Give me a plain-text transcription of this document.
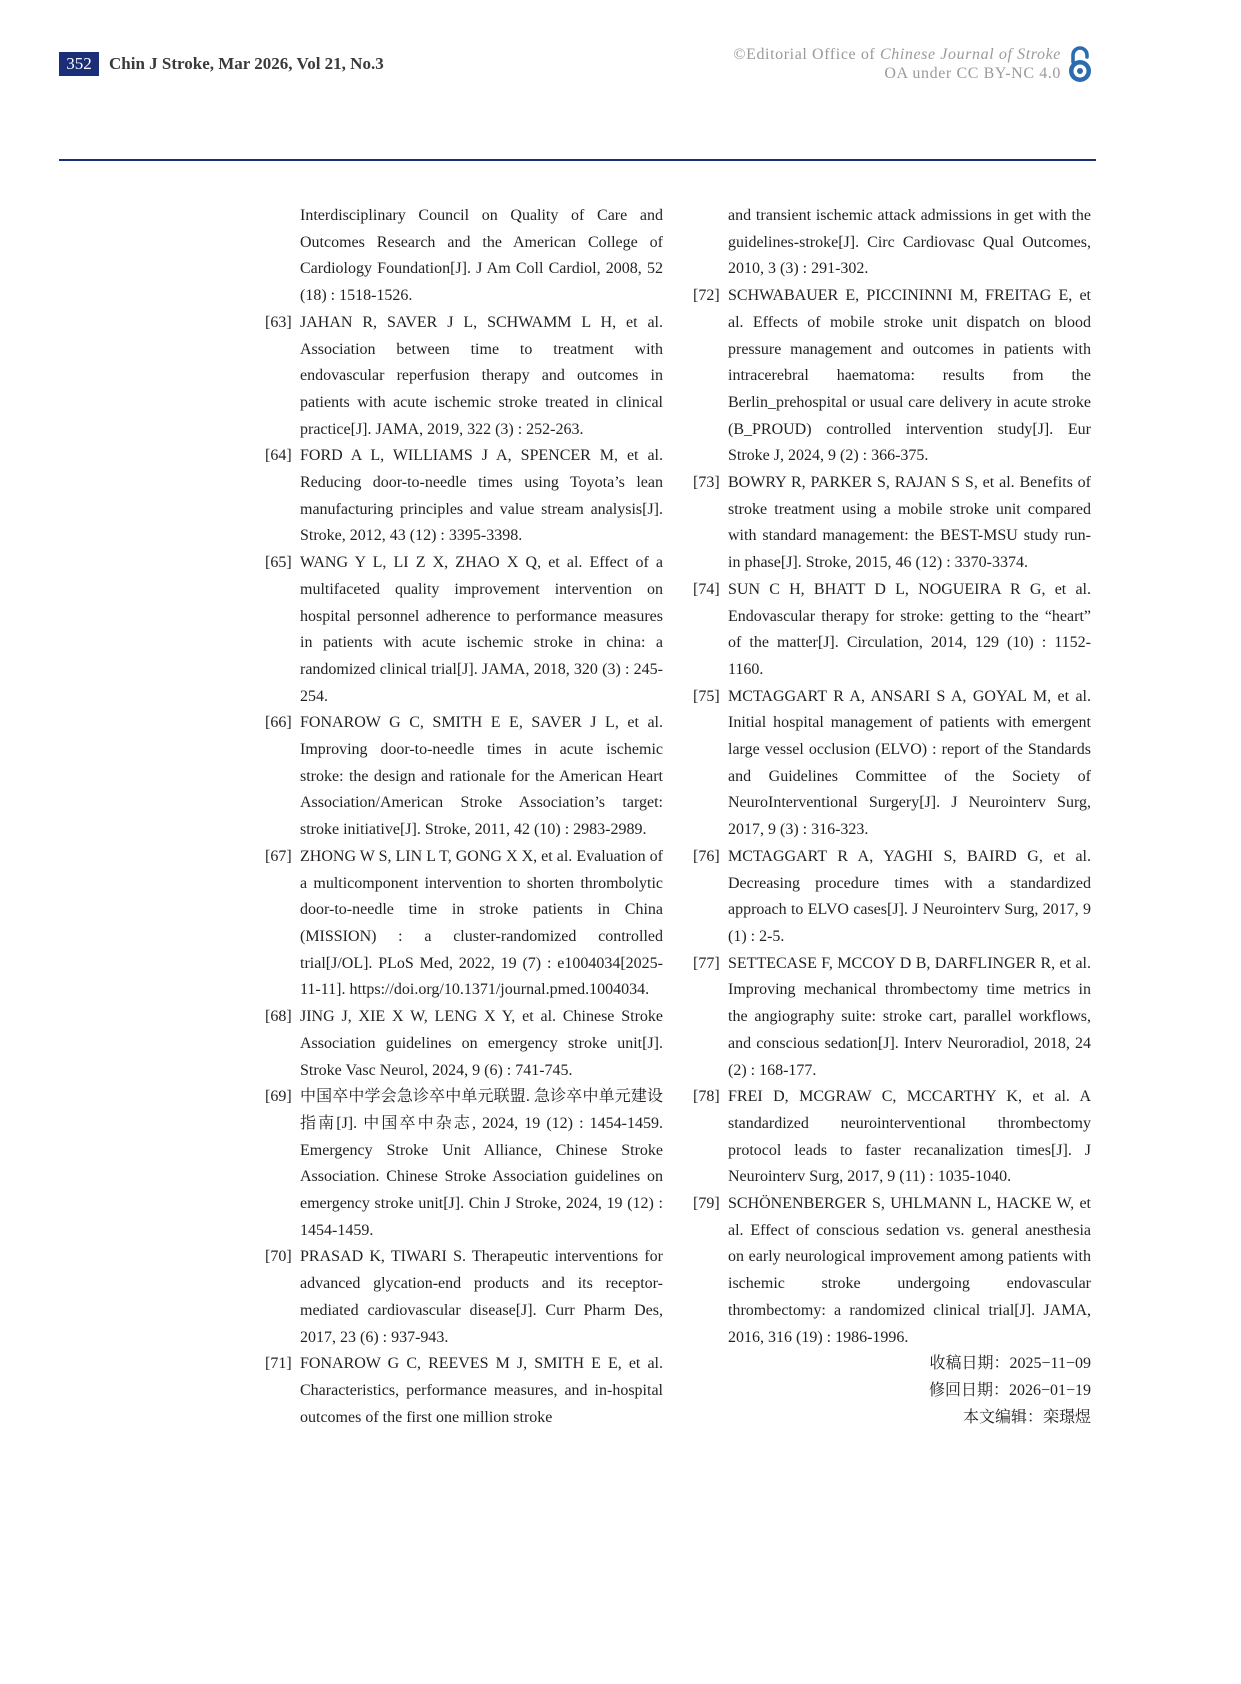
352	Chin J Stroke, Mar 2026, Vol 21, No.3	©Editorial Office of Chinese Journal of Stroke
OA under CC BY-NC 4.0

Interdisciplinary Council on Quality of Care and Outcomes Research and the American College of Cardiology Foundation[J]. J Am Coll Cardiol, 2008, 52 (18) : 1518-1526.

[63] JAHAN R, SAVER J L, SCHWAMM L H, et al. Association between time to treatment with endovascular reperfusion therapy and outcomes in patients with acute ischemic stroke treated in clinical practice[J]. JAMA, 2019, 322 (3) : 252-263.

[64] FORD A L, WILLIAMS J A, SPENCER M, et al. Reducing door-to-needle times using Toyota’s lean manufacturing principles and value stream analysis[J]. Stroke, 2012, 43 (12) : 3395-3398.

[65] WANG Y L, LI Z X, ZHAO X Q, et al. Effect of a multifaceted quality improvement intervention on hospital personnel adherence to performance measures in patients with acute ischemic stroke in china: a randomized clinical trial[J]. JAMA, 2018, 320 (3) : 245-254.

[66] FONAROW G C, SMITH E E, SAVER J L, et al. Improving door-to-needle times in acute ischemic stroke: the design and rationale for the American Heart Association/American Stroke Association’s target: stroke initiative[J]. Stroke, 2011, 42 (10) : 2983-2989.

[67] ZHONG W S, LIN L T, GONG X X, et al. Evaluation of a multicomponent intervention to shorten thrombolytic door-to-needle time in stroke patients in China (MISSION) : a cluster-randomized controlled trial[J/OL]. PLoS Med, 2022, 19 (7) : e1004034[2025-11-11]. https://doi.org/10.1371/journal.pmed.1004034.

[68] JING J, XIE X W, LENG X Y, et al. Chinese Stroke Association guidelines on emergency stroke unit[J]. Stroke Vasc Neurol, 2024, 9 (6) : 741-745.

[69] 中国卒中学会急诊卒中单元联盟. 急诊卒中单元建设指南[J]. 中国卒中杂志, 2024, 19 (12) : 1454-1459. Emergency Stroke Unit Alliance, Chinese Stroke Association. Chinese Stroke Association guidelines on emergency stroke unit[J]. Chin J Stroke, 2024, 19 (12) : 1454-1459.

[70] PRASAD K, TIWARI S. Therapeutic interventions for advanced glycation-end products and its receptor-mediated cardiovascular disease[J]. Curr Pharm Des, 2017, 23 (6) : 937-943.

[71] FONAROW G C, REEVES M J, SMITH E E, et al. Characteristics, performance measures, and in-hospital outcomes of the first one million stroke

and transient ischemic attack admissions in get with the guidelines-stroke[J]. Circ Cardiovasc Qual Outcomes, 2010, 3 (3) : 291-302.

[72] SCHWABAUER E, PICCININNI M, FREITAG E, et al. Effects of mobile stroke unit dispatch on blood pressure management and outcomes in patients with intracerebral haematoma: results from the Berlin_prehospital or usual care delivery in acute stroke (B_PROUD) controlled intervention study[J]. Eur Stroke J, 2024, 9 (2) : 366-375.

[73] BOWRY R, PARKER S, RAJAN S S, et al. Benefits of stroke treatment using a mobile stroke unit compared with standard management: the BEST-MSU study run-in phase[J]. Stroke, 2015, 46 (12) : 3370-3374.

[74] SUN C H, BHATT D L, NOGUEIRA R G, et al. Endovascular therapy for stroke: getting to the “heart” of the matter[J]. Circulation, 2014, 129 (10) : 1152-1160.

[75] MCTAGGART R A, ANSARI S A, GOYAL M, et al. Initial hospital management of patients with emergent large vessel occlusion (ELVO) : report of the Standards and Guidelines Committee of the Society of NeuroInterventional Surgery[J]. J Neurointerv Surg, 2017, 9 (3) : 316-323.

[76] MCTAGGART R A, YAGHI S, BAIRD G, et al. Decreasing procedure times with a standardized approach to ELVO cases[J]. J Neurointerv Surg, 2017, 9 (1) : 2-5.

[77] SETTECASE F, MCCOY D B, DARFLINGER R, et al. Improving mechanical thrombectomy time metrics in the angiography suite: stroke cart, parallel workflows, and conscious sedation[J]. Interv Neuroradiol, 2018, 24 (2) : 168-177.

[78] FREI D, MCGRAW C, MCCARTHY K, et al. A standardized neurointerventional thrombectomy protocol leads to faster recanalization times[J]. J Neurointerv Surg, 2017, 9 (11) : 1035-1040.

[79] SCHÖNENBERGER S, UHLMANN L, HACKE W, et al. Effect of conscious sedation vs. general anesthesia on early neurological improvement among patients with ischemic stroke undergoing endovascular thrombectomy: a randomized clinical trial[J]. JAMA, 2016, 316 (19) : 1986-1996.

收稿日期：2025−11−09
修回日期：2026−01−19
本文编辑：栾璟煜
